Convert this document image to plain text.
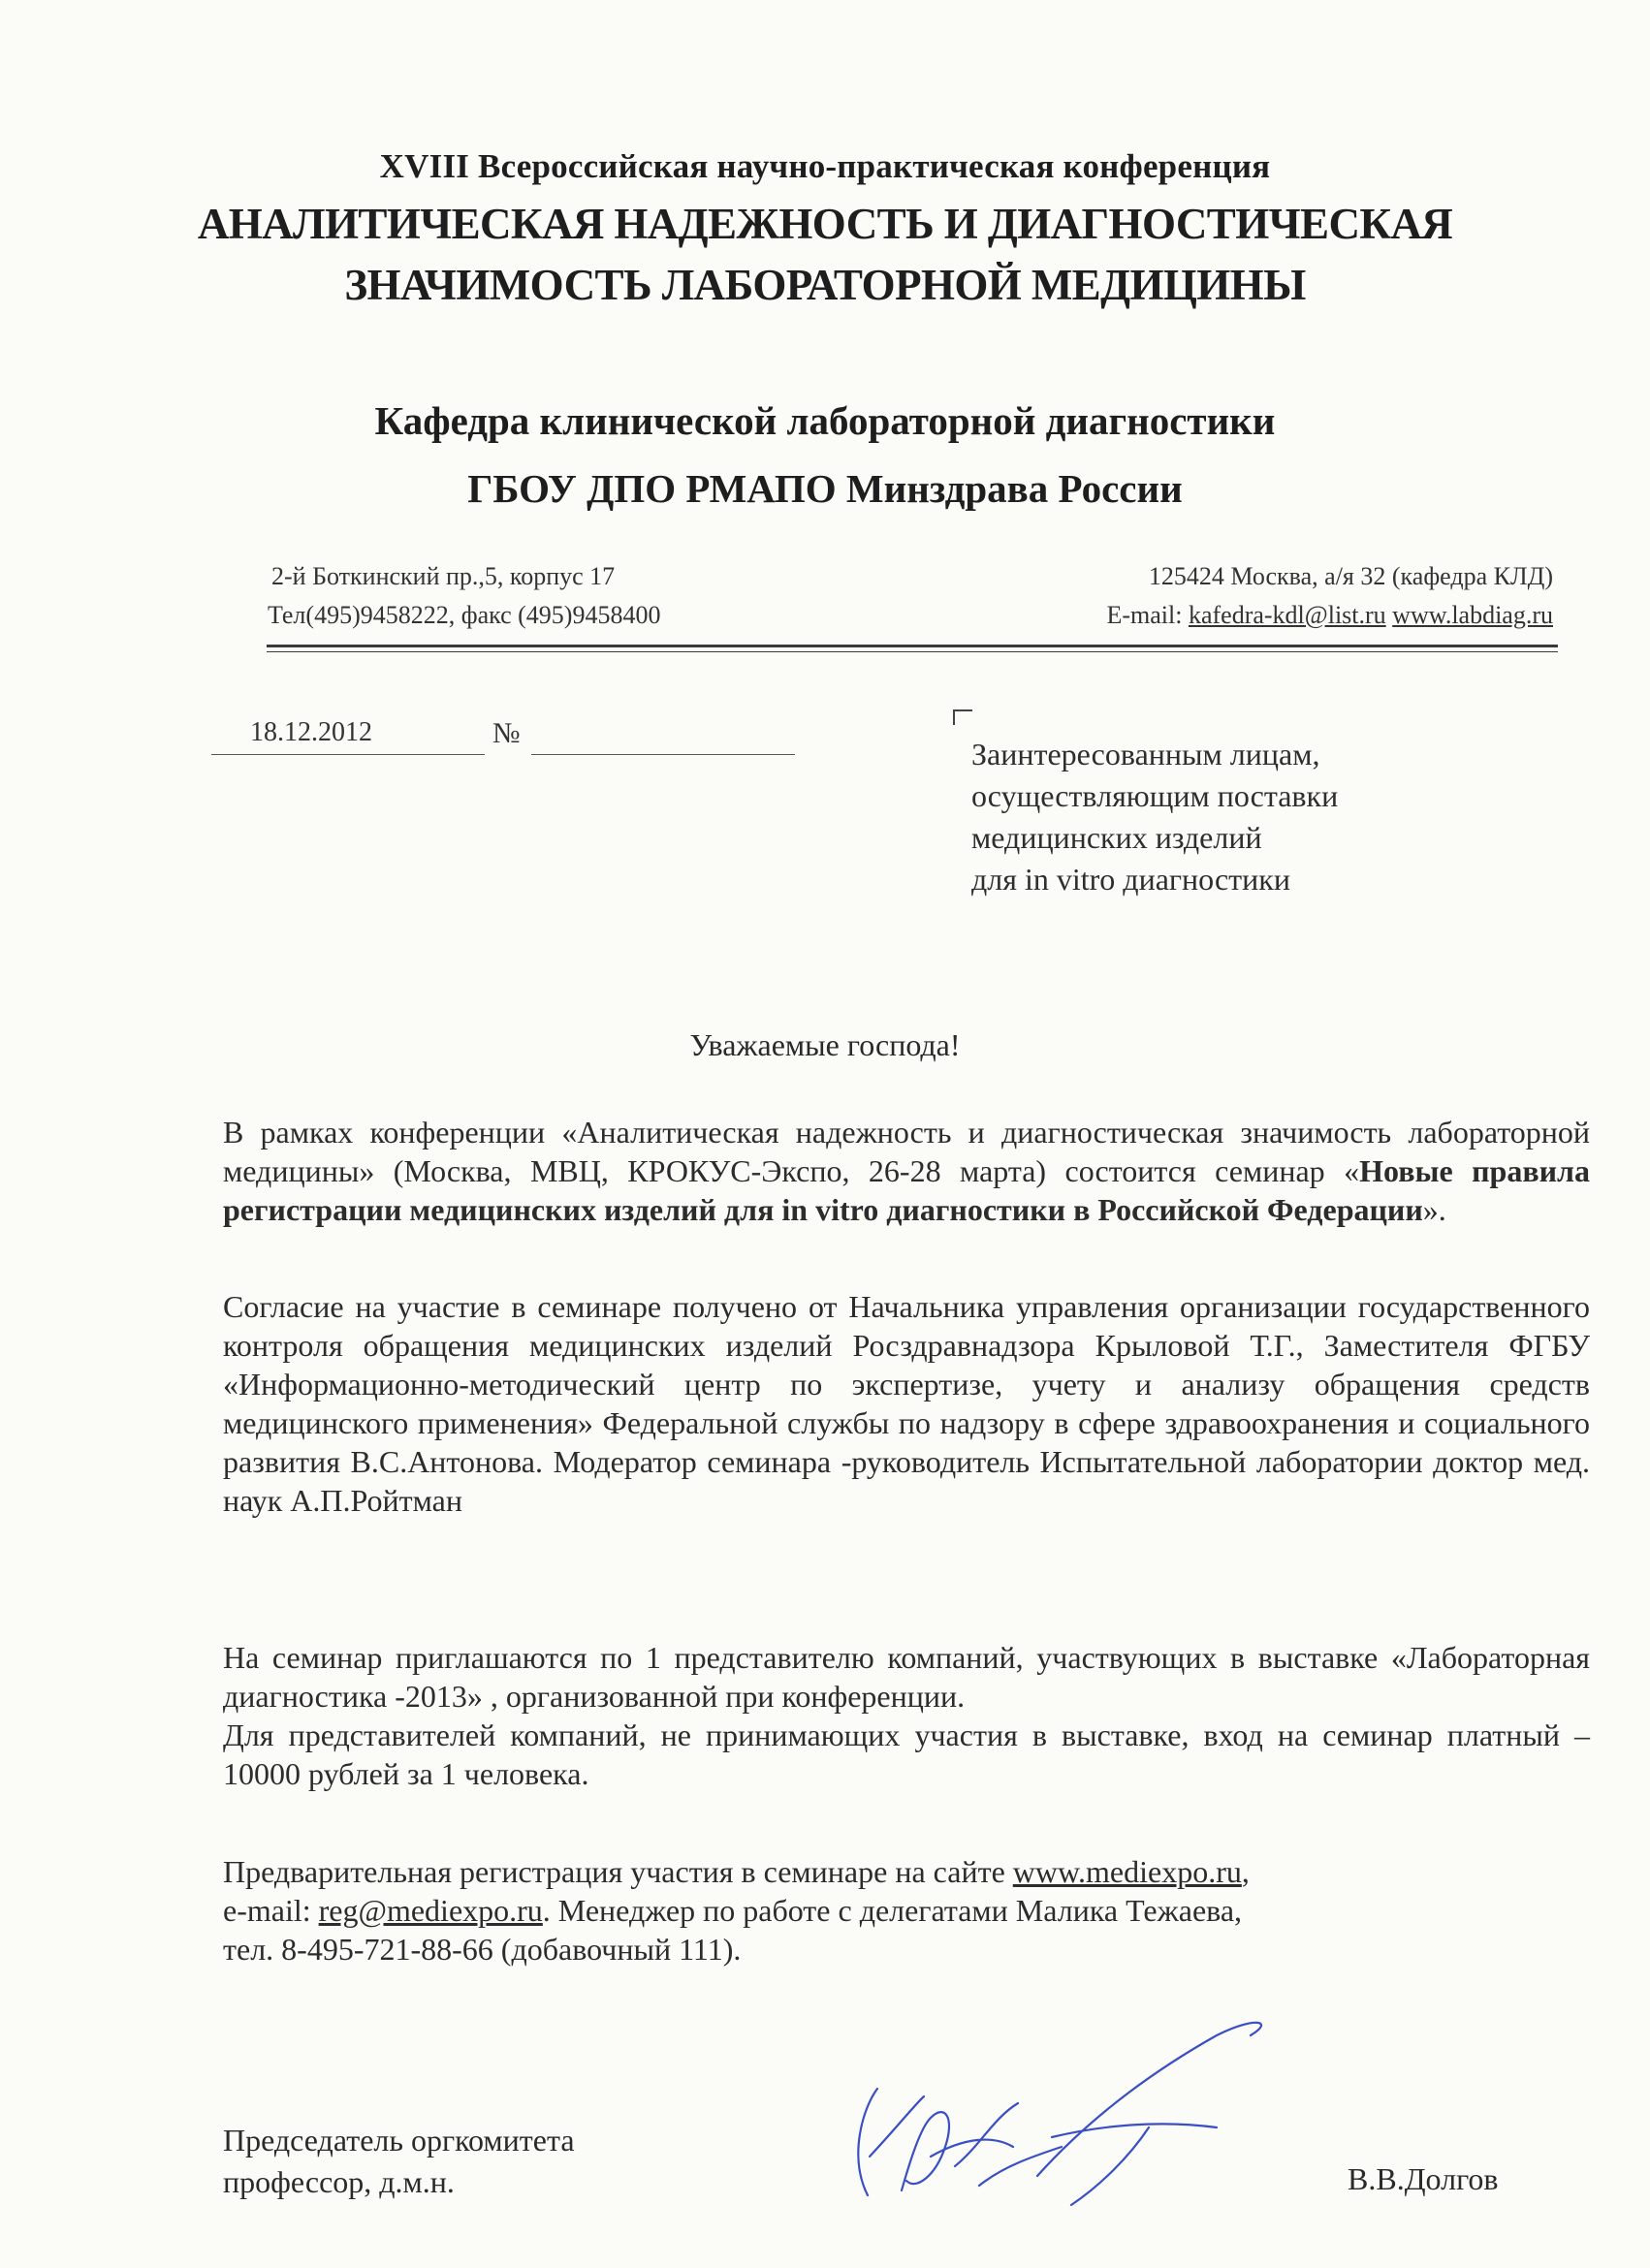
XVIII Всероссийская научно-практическая конференция
АНАЛИТИЧЕСКАЯ НАДЕЖНОСТЬ И ДИАГНОСТИЧЕСКАЯ
ЗНАЧИМОСТЬ ЛАБОРАТОРНОЙ МЕДИЦИНЫ
Кафедра клинической лабораторной диагностики
ГБОУ ДПО РМАПО Минздрава России
2-й Боткинский пр.,5, корпус 17
Тел(495)9458222, факс (495)9458400
125424 Москва, а/я 32 (кафедра КЛД)
E-mail: kafedra-kdl@list.ru www.labdiag.ru
18.12.2012	№
Заинтересованным лицам,
осуществляющим поставки
медицинских изделий
для in vitro диагностики
Уважаемые господа!
В рамках конференции «Аналитическая надежность и диагностическая значимость лабораторной медицины» (Москва, МВЦ, КРОКУС-Экспо, 26-28 марта) состоится семинар «Новые правила регистрации медицинских изделий для in vitro диагностики в Российской Федерации».
Согласие на участие в семинаре получено от Начальника управления организации государственного контроля обращения медицинских изделий Росздравнадзора Крыловой Т.Г., Заместителя ФГБУ «Информационно-методический центр по экспертизе, учету и анализу обращения средств медицинского применения» Федеральной службы по надзору в сфере здравоохранения и социального развития В.С.Антонова. Модератор семинара -руководитель Испытательной лаборатории доктор мед. наук А.П.Ройтман
На семинар приглашаются по 1 представителю компаний, участвующих в выставке «Лабораторная диагностика -2013» , организованной при конференции.
Для представителей компаний, не принимающих участия в выставке, вход на семинар платный – 10000 рублей за 1 человека.
Предварительная регистрация участия в семинаре на сайте www.mediexpo.ru,
e-mail: reg@mediexpo.ru. Менеджер по работе с делегатами Малика Тежаева,
тел. 8-495-721-88-66 (добавочный 111).
Председатель оргкомитета
профессор, д.м.н.	В.В.Долгов
